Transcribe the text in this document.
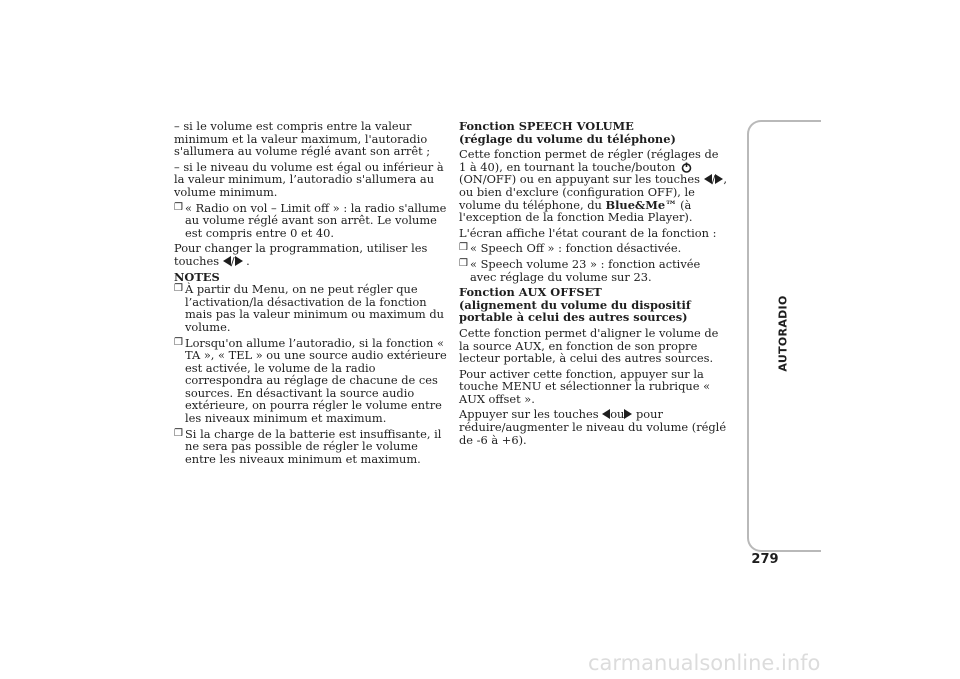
– si le volume est compris entre la valeur minimum et la valeur maximum, l'autoradio s'allumera au volume réglé avant son arrêt ;

– si le niveau du volume est égal ou inférieur à la valeur minimum, l’autoradio s'allumera au volume minimum.

❒ « Radio on vol – Limit off » : la radio s'allume au volume réglé avant son arrêt. Le volume est compris entre 0 et 40.

Pour changer la programmation, utiliser les touches / .

NOTES

❒ À partir du Menu, on ne peut régler que l’activation/la désactivation de la fonction mais pas la valeur minimum ou maximum du volume.
❒ Lorsqu'on allume l’autoradio, si la fonction « TA », « TEL » ou une source audio extérieure est activée, le volume de la radio correspondra au réglage de chacune de ces sources. En désactivant la source audio extérieure, on pourra régler le volume entre les niveaux minimum et maximum.
❒ Si la charge de la batterie est insuffisante, il ne sera pas possible de régler le volume entre les niveaux minimum et maximum.

Fonction SPEECH VOLUME

(réglage du volume du téléphone)

Cette fonction permet de régler (réglages de 1 à 40), en tournant la touche/bouton  (ON/OFF) ou en appuyant sur les touches / , ou bien d'exclure (configuration OFF), le volume du téléphone, du Blue&Me™ (à l'exception de la fonction Media Player).

L'écran affiche l'état courant de la fonction :

❒ « Speech Off » : fonction désactivée.
❒ « Speech volume 23 » : fonction activée avec réglage du volume sur 23.

Fonction AUX OFFSET

(alignement du volume du dispositif portable à celui des autres sources)

Cette fonction permet d'aligner le volume de la source AUX, en fonction de son propre lecteur portable, à celui des autres sources.

Pour activer cette fonction, appuyer sur la touche MENU et sélectionner la rubrique « AUX offset ».

Appuyer sur les touches ou pour réduire/augmenter le niveau du volume (réglé de -6 à +6).

AUTORADIO
279
carmanualsonline.info
